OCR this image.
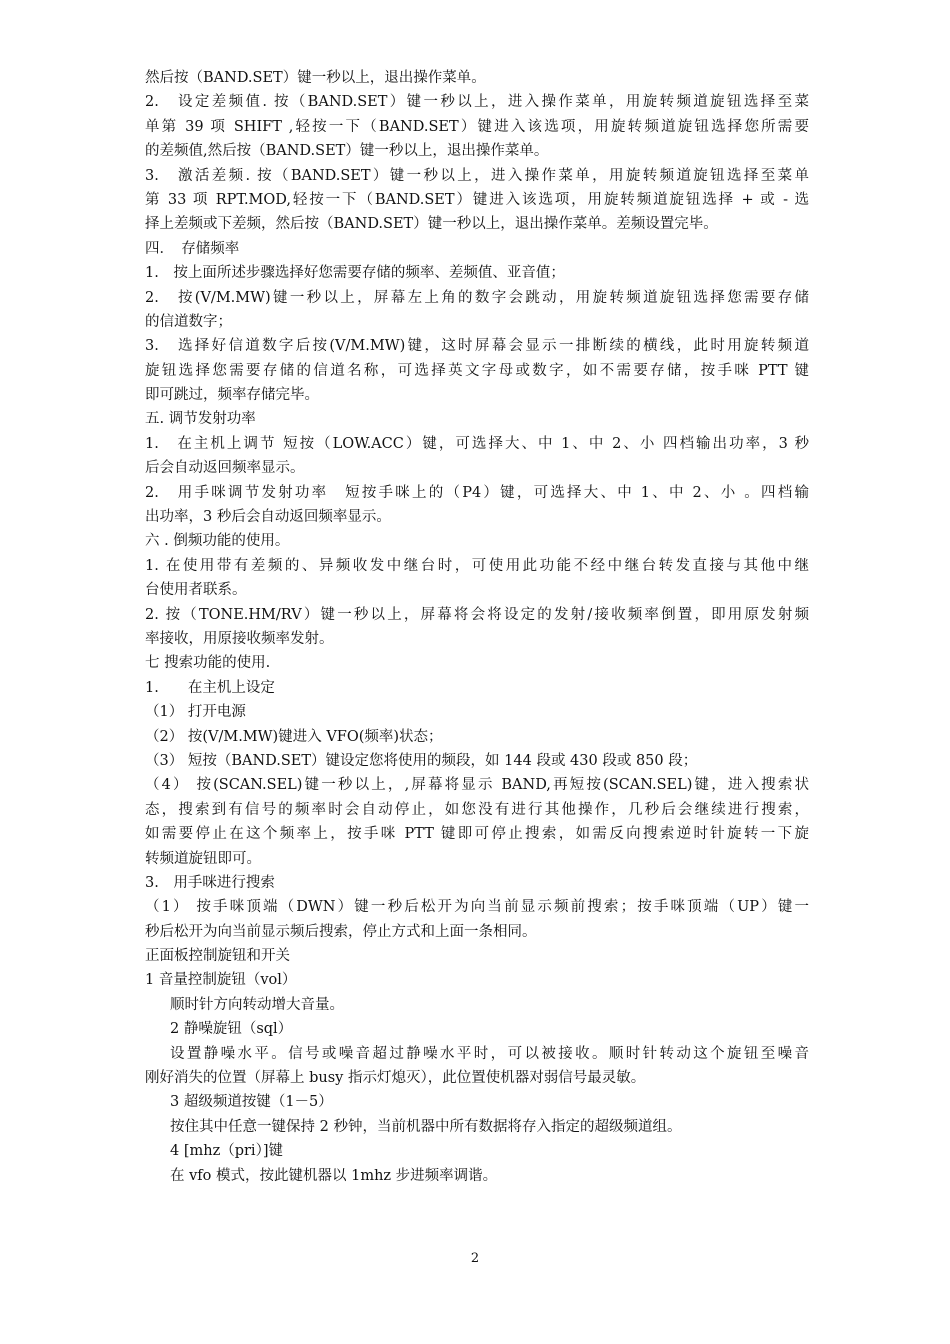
然后按（BAND.SET）键一秒以上，退出操作菜单。
2.　设定差频值. 按（BAND.SET）键一秒以上，进入操作菜单，用旋转频道旋钮选择至菜
单第 39 项 SHIFT ,轻按一下（BAND.SET）键进入该选项，用旋转频道旋钮选择您所需要
的差频值,然后按（BAND.SET）键一秒以上，退出操作菜单。
3.　激活差频. 按（BAND.SET）键一秒以上，进入操作菜单，用旋转频道旋钮选择至菜单
第 33 项 RPT.MOD,轻按一下（BAND.SET）键进入该选项，用旋转频道旋钮选择 + 或 - 选
择上差频或下差频，然后按（BAND.SET）键一秒以上，退出操作菜单。差频设置完毕。
四．　存储频率
1.　按上面所述步骤选择好您需要存储的频率、差频值、亚音值；
2.　按(V/M.MW)键一秒以上，屏幕左上角的数字会跳动，用旋转频道旋钮选择您需要存储
的信道数字；
3.　选择好信道数字后按(V/M.MW)键，这时屏幕会显示一排断续的横线，此时用旋转频道
旋钮选择您需要存储的信道名称，可选择英文字母或数字，如不需要存储，按手咪 PTT 键
即可跳过，频率存储完毕。
五. 调节发射功率
1.　在主机上调节 短按（LOW.ACC）键，可选择大、中 1、中 2、小 四档输出功率，3 秒
后会自动返回频率显示。
2.　用手咪调节发射功率　短按手咪上的（P4）键，可选择大、中 1、中 2、小 。四档输
出功率，3 秒后会自动返回频率显示。
六 . 倒频功能的使用。
1. 在使用带有差频的、异频收发中继台时，可使用此功能不经中继台转发直接与其他中继
台使用者联系。
2. 按（TONE.HM/RV）键一秒以上，屏幕将会将设定的发射/接收频率倒置，即用原发射频
率接收，用原接收频率发射。
七 搜索功能的使用.
1.　　在主机上设定
（1） 打开电源
（2） 按(V/M.MW)键进入 VFO(频率)状态；
（3） 短按（BAND.SET）键设定您将使用的频段，如 144 段或 430 段或 850 段；
（4） 按(SCAN.SEL)键一秒以上，,屏幕将显示 BAND,再短按(SCAN.SEL)键，进入搜索状
态，搜索到有信号的频率时会自动停止，如您没有进行其他操作，几秒后会继续进行搜索，
如需要停止在这个频率上，按手咪 PTT 键即可停止搜索，如需反向搜索逆时针旋转一下旋
转频道旋钮即可。
3.　用手咪进行搜索
（1） 按手咪顶端（DWN）键一秒后松开为向当前显示频前搜索；按手咪顶端（UP）键一
秒后松开为向当前显示频后搜索，停止方式和上面一条相同。
正面板控制旋钮和开关
1 音量控制旋钮（vol）
顺时针方向转动增大音量。
2 静噪旋钮（sql）
设置静噪水平。信号或噪音超过静噪水平时，可以被接收。顺时针转动这个旋钮至噪音
刚好消失的位置（屏幕上 busy 指示灯熄灭），此位置使机器对弱信号最灵敏。
3 超级频道按键（1－5）
按住其中任意一键保持 2 秒钟，当前机器中所有数据将存入指定的超级频道组。
4 [mhz（pri）]键
在 vfo 模式，按此键机器以 1mhz 步进频率调谐。
2
